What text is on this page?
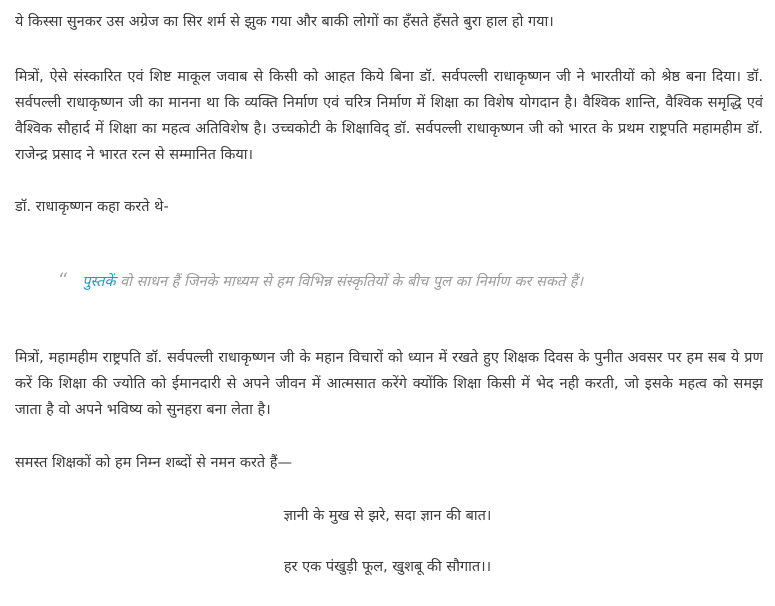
ये किस्सा सुनकर उस अग्रेज का सिर शर्म से झुक गया और बाकी लोगों का हँसते हँसते बुरा हाल हो गया।

मित्रों, ऐसे संस्कारित एवं शिष्ट माकूल जवाब से किसी को आहत किये बिना डॉ. सर्वपल्ली राधाकृष्णन जी ने भारतीयों को श्रेष्ठ बना दिया। डॉ. सर्वपल्ली राधाकृष्णन जी का मानना था कि व्यक्ति निर्माण एवं चरित्र निर्माण में शिक्षा का विशेष योगदान है। वैश्विक शान्ति, वैश्विक समृद्धि एवं वैश्विक सौहार्द में शिक्षा का महत्व अतिविशेष है। उच्चकोटी के शिक्षाविद् डॉ. सर्वपल्ली राधाकृष्णन जी को भारत के प्रथम राष्ट्रपति महामहीम डॉ. राजेन्द्र प्रसाद ने भारत रत्न से सम्मानित किया।

डॉ. राधाकृष्णन कहा करते थे-

“ पुस्तकें वो साधन हैं जिनके माध्यम से हम विभिन्न संस्कृतियों के बीच पुल का निर्माण कर सकते हैं।

मित्रों, महामहीम राष्ट्रपति डॉ. सर्वपल्ली राधाकृष्णन जी के महान विचारों को ध्यान में रखते हुए शिक्षक दिवस के पुनीत अवसर पर हम सब ये प्रण करें कि शिक्षा की ज्योति को ईमानदारी से अपने जीवन में आत्मसात करेंगे क्योंकि शिक्षा किसी में भेद नही करती, जो इसके महत्व को समझ जाता है वो अपने भविष्य को सुनहरा बना लेता है।

समस्त शिक्षकों को हम निम्न शब्दों से नमन करते हैं—

ज्ञानी के मुख से झरे, सदा ज्ञान की बात।
हर एक पंखुड़ी फूल, खुशबू की सौगात।।
